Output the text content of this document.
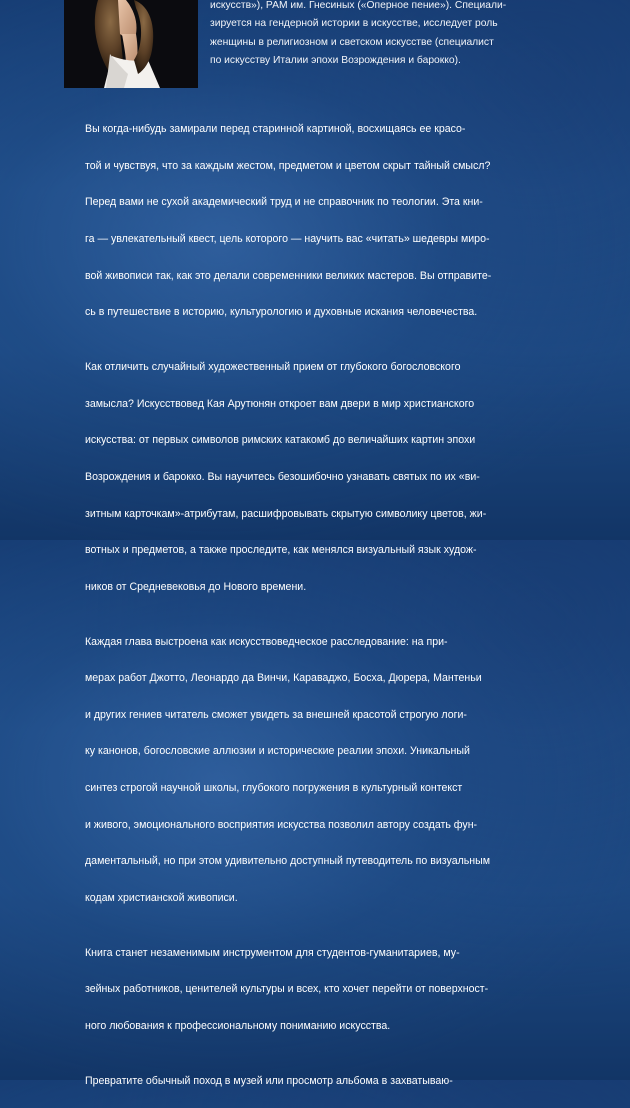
искусств»), РАМ им. Гнесиных («Оперное пение»). Специали-
зируется на гендерной истории в искусстве, исследует роль
женщины в религиозном и светском искусстве (специалист
по искусству Италии эпохи Возрождения и барокко).

Вы когда-нибудь замирали перед старинной картиной, восхищаясь ее красо-

той и чувствуя, что за каждым жестом, предметом и цветом скрыт тайный смысл?

Перед вами не сухой академический труд и не справочник по теологии. Эта кни-

га — увлекательный квест, цель которого — научить вас «читать» шедевры миро-

вой живописи так, как это делали современники великих мастеров. Вы отправите-

сь в путешествие в историю, культурологию и духовные искания человечества.

Как отличить случайный художественный прием от глубокого богословского

замысла? Искусствовед Кая Арутюнян откроет вам двери в мир христианского

искусства: от первых символов римских катакомб до величайших картин эпохи

Возрождения и барокко. Вы научитесь безошибочно узнавать святых по их «ви-

зитным карточкам»-атрибутам, расшифровывать скрытую символику цветов, жи-

вотных и предметов, а также проследите, как менялся визуальный язык худож-

ников от Средневековья до Нового времени.

Каждая глава выстроена как искусствоведческое расследование: на при-

мерах работ Джотто, Леонардо да Винчи, Караваджо, Босха, Дюрера, Мантеньи

и других гениев читатель сможет увидеть за внешней красотой строгую логи-

ку канонов, богословские аллюзии и исторические реалии эпохи. Уникальный

синтез строгой научной школы, глубокого погружения в культурный контекст

и живого, эмоционального восприятия искусства позволил автору создать фун-

даментальный, но при этом удивительно доступный путеводитель по визуальным

кодам христианской живописи.

Книга станет незаменимым инструментом для студентов-гуманитариев, му-

зейных работников, ценителей культуры и всех, кто хочет перейти от поверхност-

ного любования к профессиональному пониманию искусства.

Превратите обычный поход в музей или просмотр альбома в захватываю-
